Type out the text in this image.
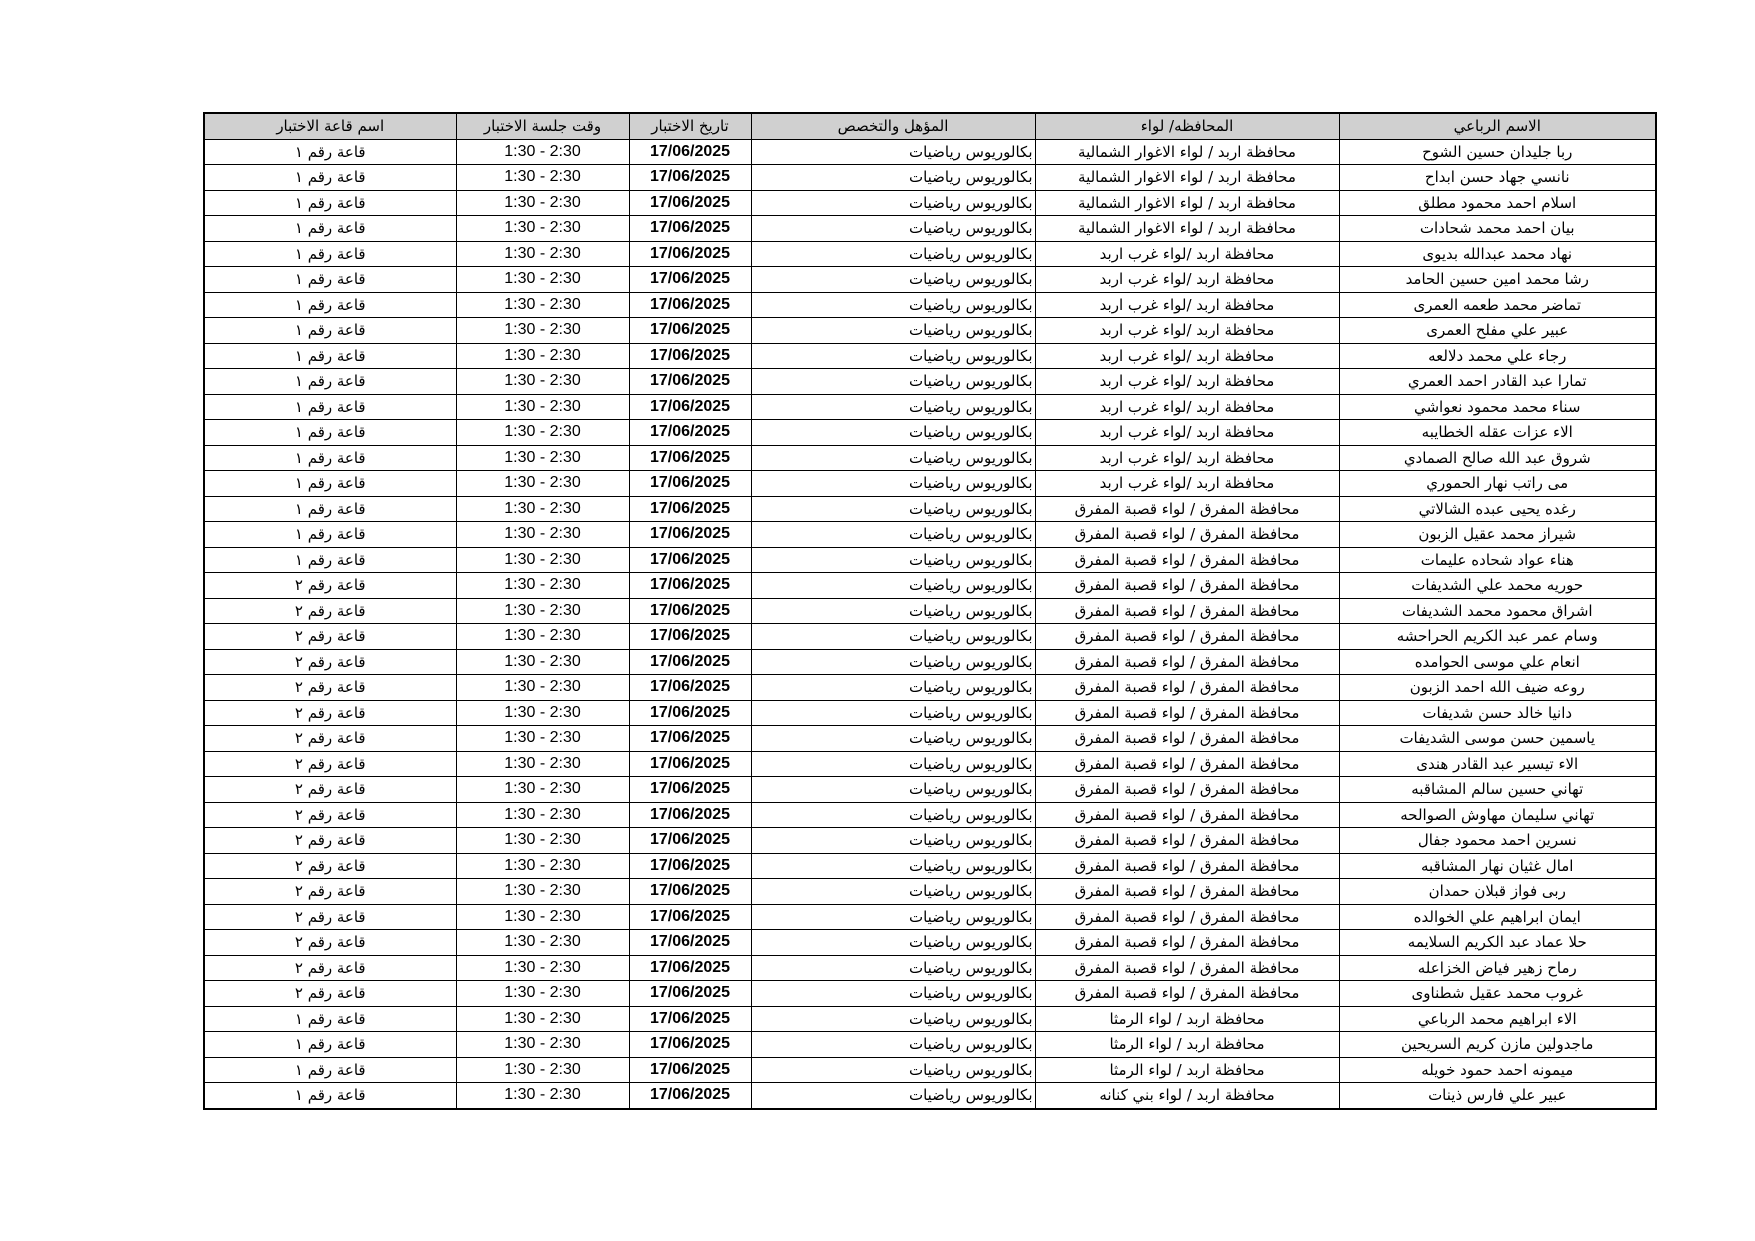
الاسم الرباعي	المحافظه/ لواء	المؤهل والتخصص	تاريخ الاختبار	وقت جلسة الاختبار	اسم قاعة الاختبار
ربا جليدان حسين الشوح	محافظة اربد / لواء الاغوار الشمالية	بكالوريوس رياضيات	17/06/2025	1:30 - 2:30	قاعة رقم ١
نانسي جهاد حسن ابداح	محافظة اربد / لواء الاغوار الشمالية	بكالوريوس رياضيات	17/06/2025	1:30 - 2:30	قاعة رقم ١
اسلام احمد محمود مطلق	محافظة اربد / لواء الاغوار الشمالية	بكالوريوس رياضيات	17/06/2025	1:30 - 2:30	قاعة رقم ١
بيان احمد محمد شحادات	محافظة اربد / لواء الاغوار الشمالية	بكالوريوس رياضيات	17/06/2025	1:30 - 2:30	قاعة رقم ١
نهاد محمد عبدالله بديوى	محافظة اربد /لواء غرب اربد	بكالوريوس رياضيات	17/06/2025	1:30 - 2:30	قاعة رقم ١
رشا محمد امين حسين الحامد	محافظة اربد /لواء غرب اربد	بكالوريوس رياضيات	17/06/2025	1:30 - 2:30	قاعة رقم ١
تماضر محمد طعمه العمرى	محافظة اربد /لواء غرب اربد	بكالوريوس رياضيات	17/06/2025	1:30 - 2:30	قاعة رقم ١
عبير علي مفلح العمرى	محافظة اربد /لواء غرب اربد	بكالوريوس رياضيات	17/06/2025	1:30 - 2:30	قاعة رقم ١
رجاء علي محمد دلالعه	محافظة اربد /لواء غرب اربد	بكالوريوس رياضيات	17/06/2025	1:30 - 2:30	قاعة رقم ١
تمارا عبد القادر احمد العمري	محافظة اربد /لواء غرب اربد	بكالوريوس رياضيات	17/06/2025	1:30 - 2:30	قاعة رقم ١
سناء محمد محمود نعواشي	محافظة اربد /لواء غرب اربد	بكالوريوس رياضيات	17/06/2025	1:30 - 2:30	قاعة رقم ١
الاء عزات عقله الخطايبه	محافظة اربد /لواء غرب اربد	بكالوريوس رياضيات	17/06/2025	1:30 - 2:30	قاعة رقم ١
شروق عبد الله صالح الصمادي	محافظة اربد /لواء غرب اربد	بكالوريوس رياضيات	17/06/2025	1:30 - 2:30	قاعة رقم ١
مى راتب نهار الحموري	محافظة اربد /لواء غرب اربد	بكالوريوس رياضيات	17/06/2025	1:30 - 2:30	قاعة رقم ١
رغده يحيى عبده الشالاتي	محافظة المفرق / لواء قصبة المفرق	بكالوريوس رياضيات	17/06/2025	1:30 - 2:30	قاعة رقم ١
شيراز محمد عقيل الزبون	محافظة المفرق / لواء قصبة المفرق	بكالوريوس رياضيات	17/06/2025	1:30 - 2:30	قاعة رقم ١
هناء عواد شحاده عليمات	محافظة المفرق / لواء قصبة المفرق	بكالوريوس رياضيات	17/06/2025	1:30 - 2:30	قاعة رقم ١
حوريه محمد علي الشديفات	محافظة المفرق / لواء قصبة المفرق	بكالوريوس رياضيات	17/06/2025	1:30 - 2:30	قاعة رقم ٢
اشراق محمود محمد الشديفات	محافظة المفرق / لواء قصبة المفرق	بكالوريوس رياضيات	17/06/2025	1:30 - 2:30	قاعة رقم ٢
وسام عمر عبد الكريم الحراحشه	محافظة المفرق / لواء قصبة المفرق	بكالوريوس رياضيات	17/06/2025	1:30 - 2:30	قاعة رقم ٢
انعام علي موسى الحوامده	محافظة المفرق / لواء قصبة المفرق	بكالوريوس رياضيات	17/06/2025	1:30 - 2:30	قاعة رقم ٢
روعه ضيف الله احمد الزبون	محافظة المفرق / لواء قصبة المفرق	بكالوريوس رياضيات	17/06/2025	1:30 - 2:30	قاعة رقم ٢
دانيا خالد حسن شديفات	محافظة المفرق / لواء قصبة المفرق	بكالوريوس رياضيات	17/06/2025	1:30 - 2:30	قاعة رقم ٢
ياسمين حسن موسى الشديفات	محافظة المفرق / لواء قصبة المفرق	بكالوريوس رياضيات	17/06/2025	1:30 - 2:30	قاعة رقم ٢
الاء تيسير عبد القادر هندى	محافظة المفرق / لواء قصبة المفرق	بكالوريوس رياضيات	17/06/2025	1:30 - 2:30	قاعة رقم ٢
تهاني حسين سالم المشاقبه	محافظة المفرق / لواء قصبة المفرق	بكالوريوس رياضيات	17/06/2025	1:30 - 2:30	قاعة رقم ٢
تهاني سليمان مهاوش الصوالحه	محافظة المفرق / لواء قصبة المفرق	بكالوريوس رياضيات	17/06/2025	1:30 - 2:30	قاعة رقم ٢
نسرين احمد محمود جفال	محافظة المفرق / لواء قصبة المفرق	بكالوريوس رياضيات	17/06/2025	1:30 - 2:30	قاعة رقم ٢
امال غثيان نهار المشاقبه	محافظة المفرق / لواء قصبة المفرق	بكالوريوس رياضيات	17/06/2025	1:30 - 2:30	قاعة رقم ٢
ربى فواز قبلان حمدان	محافظة المفرق / لواء قصبة المفرق	بكالوريوس رياضيات	17/06/2025	1:30 - 2:30	قاعة رقم ٢
ايمان ابراهيم علي الخوالده	محافظة المفرق / لواء قصبة المفرق	بكالوريوس رياضيات	17/06/2025	1:30 - 2:30	قاعة رقم ٢
حلا عماد عبد الكريم السلايمه	محافظة المفرق / لواء قصبة المفرق	بكالوريوس رياضيات	17/06/2025	1:30 - 2:30	قاعة رقم ٢
رماح زهير فياض الخزاعله	محافظة المفرق / لواء قصبة المفرق	بكالوريوس رياضيات	17/06/2025	1:30 - 2:30	قاعة رقم ٢
غروب محمد عقيل شطناوى	محافظة المفرق / لواء قصبة المفرق	بكالوريوس رياضيات	17/06/2025	1:30 - 2:30	قاعة رقم ٢
الاء ابراهيم محمد الرباعي	محافظة اربد / لواء الرمثا	بكالوريوس رياضيات	17/06/2025	1:30 - 2:30	قاعة رقم ١
ماجدولين مازن كريم السريحين	محافظة اربد / لواء الرمثا	بكالوريوس رياضيات	17/06/2025	1:30 - 2:30	قاعة رقم ١
ميمونه احمد حمود خويله	محافظة اربد / لواء الرمثا	بكالوريوس رياضيات	17/06/2025	1:30 - 2:30	قاعة رقم ١
عبير علي فارس ذينات	محافظة اربد / لواء بني كنانه	بكالوريوس رياضيات	17/06/2025	1:30 - 2:30	قاعة رقم ١
